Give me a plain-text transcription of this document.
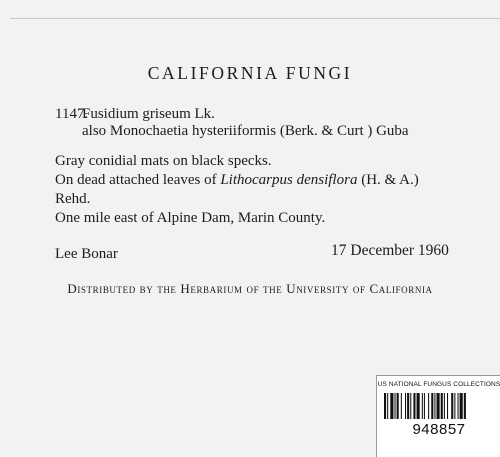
CALIFORNIA FUNGI
1147.
Fusidium griseum Lk.
also Monochaetia hysteriiformis (Berk. & Curt ) Guba
Gray conidial mats on black specks.
On dead attached leaves of Lithocarpus densiflora (H. & A.)
Rehd.
One mile east of Alpine Dam, Marin County.
Lee Bonar	17 December 1960
Distributed by the Herbarium of the University of California
US NATIONAL FUNGUS COLLECTIONS
948857
